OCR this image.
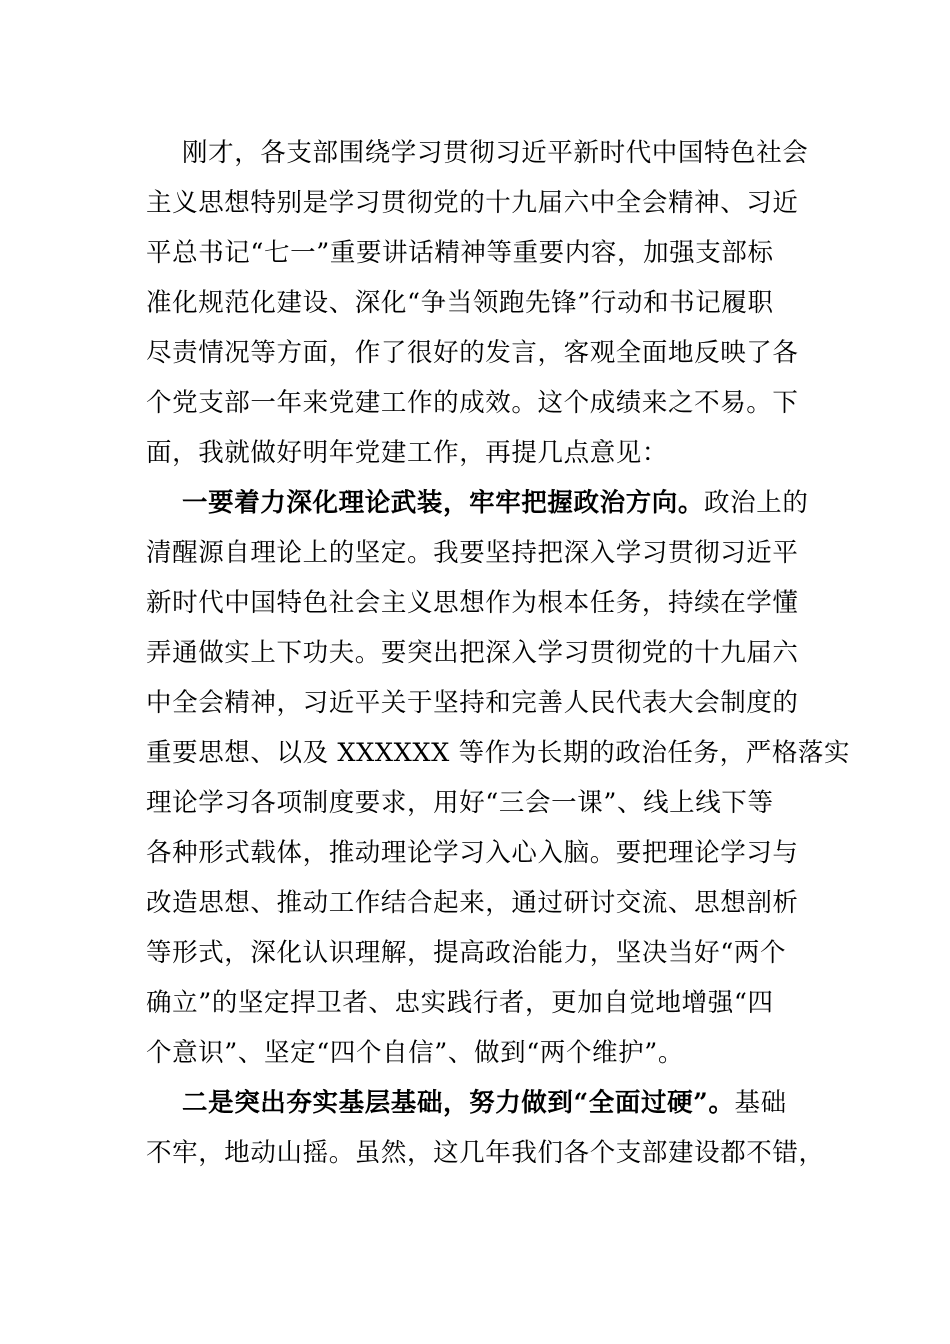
刚才，各支部围绕学习贯彻习近平新时代中国特色社会
主义思想特别是学习贯彻党的十九届六中全会精神、习近
平总书记“七一”重要讲话精神等重要内容，加强支部标
准化规范化建设、深化“争当领跑先锋”行动和书记履职
尽责情况等方面，作了很好的发言，客观全面地反映了各
个党支部一年来党建工作的成效。这个成绩来之不易。下
面，我就做好明年党建工作，再提几点意见：
一要着力深化理论武装，牢牢把握政治方向。政治上的
清醒源自理论上的坚定。我要坚持把深入学习贯彻习近平
新时代中国特色社会主义思想作为根本任务，持续在学懂
弄通做实上下功夫。要突出把深入学习贯彻党的十九届六
中全会精神，习近平关于坚持和完善人民代表大会制度的
重要思想、以及 XXXXXX 等作为长期的政治任务，严格落实
理论学习各项制度要求，用好“三会一课”、线上线下等
各种形式载体，推动理论学习入心入脑。要把理论学习与
改造思想、推动工作结合起来，通过研讨交流、思想剖析
等形式，深化认识理解，提高政治能力，坚决当好“两个
确立”的坚定捍卫者、忠实践行者，更加自觉地增强“四
个意识”、坚定“四个自信”、做到“两个维护”。
二是突出夯实基层基础，努力做到“全面过硬”。基础
不牢，地动山摇。虽然，这几年我们各个支部建设都不错，
